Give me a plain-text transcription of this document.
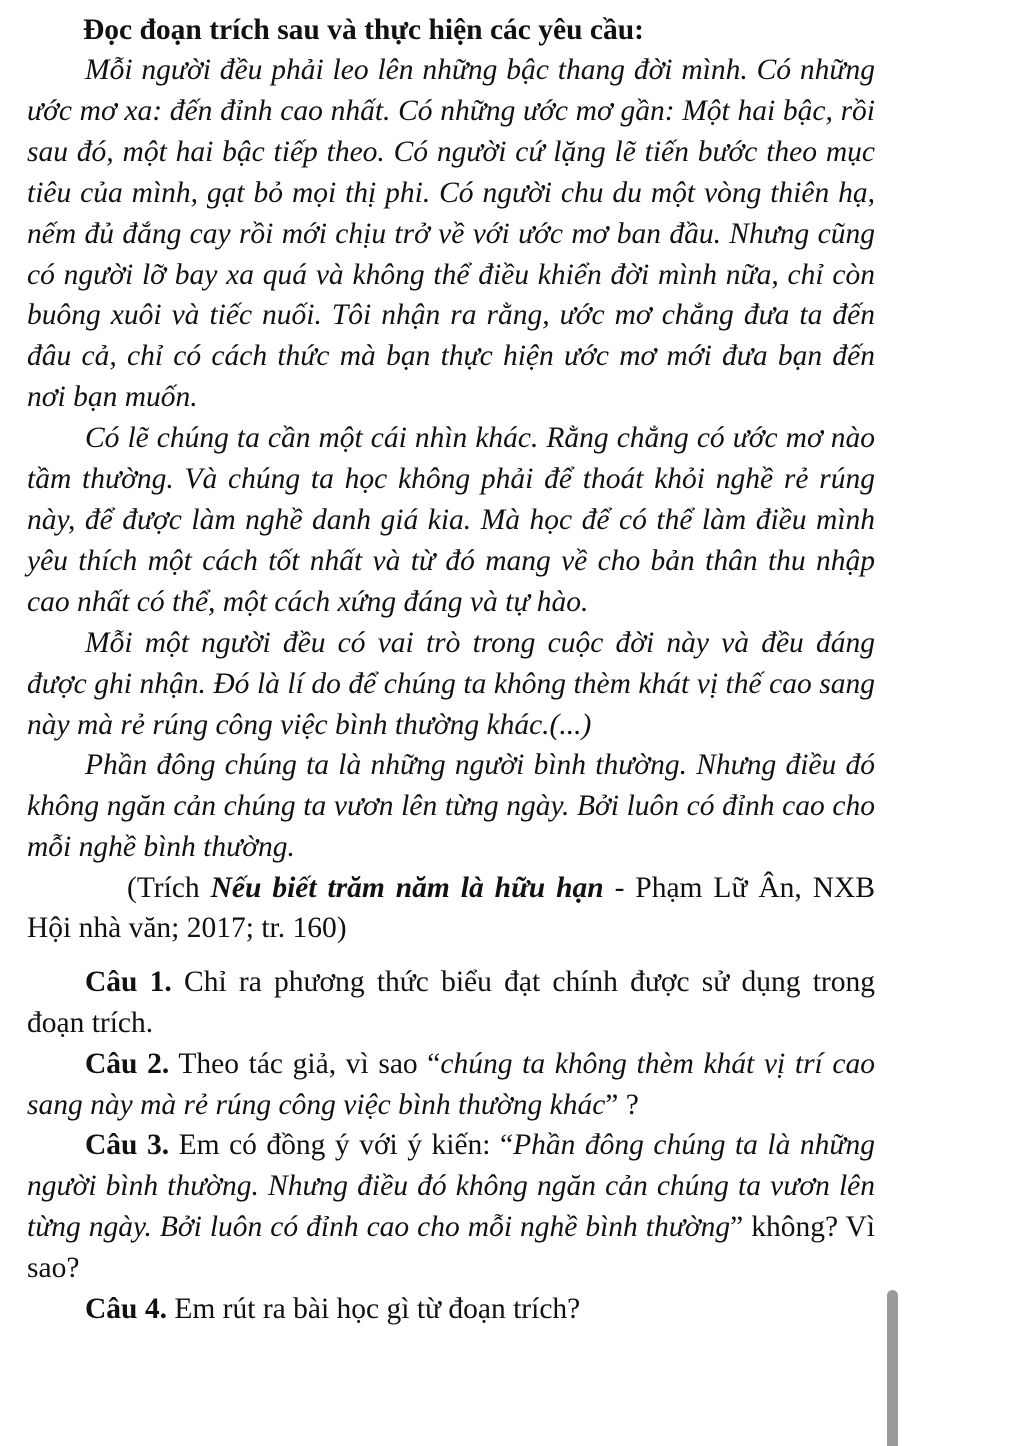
Đọc đoạn trích sau và thực hiện các yêu cầu:

Mỗi người đều phải leo lên những bậc thang đời mình. Có những ước mơ xa: đến đỉnh cao nhất. Có những ước mơ gần: Một hai bậc, rồi sau đó, một hai bậc tiếp theo. Có người cứ lặng lẽ tiến bước theo mục tiêu của mình, gạt bỏ mọi thị phi. Có người chu du một vòng thiên hạ, nếm đủ đắng cay rồi mới chịu trở về với ước mơ ban đầu. Nhưng cũng có người lỡ bay xa quá và không thể điều khiển đời mình nữa, chỉ còn buông xuôi và tiếc nuối. Tôi nhận ra rằng, ước mơ chẳng đưa ta đến đâu cả, chỉ có cách thức mà bạn thực hiện ước mơ mới đưa bạn đến nơi bạn muốn.

Có lẽ chúng ta cần một cái nhìn khác. Rằng chẳng có ước mơ nào tầm thường. Và chúng ta học không phải để thoát khỏi nghề rẻ rúng này, để được làm nghề danh giá kia. Mà học để có thể làm điều mình yêu thích một cách tốt nhất và từ đó mang về cho bản thân thu nhập cao nhất có thể, một cách xứng đáng và tự hào.

Mỗi một người đều có vai trò trong cuộc đời này và đều đáng được ghi nhận. Đó là lí do để chúng ta không thèm khát vị thế cao sang này mà rẻ rúng công việc bình thường khác.(...)

Phần đông chúng ta là những người bình thường. Nhưng điều đó không ngăn cản chúng ta vươn lên từng ngày. Bởi luôn có đỉnh cao cho mỗi nghề bình thường.

(Trích Nếu biết trăm năm là hữu hạn - Phạm Lữ Ân, NXB Hội nhà văn; 2017; tr. 160)

Câu 1. Chỉ ra phương thức biểu đạt chính được sử dụng trong đoạn trích.

Câu 2. Theo tác giả, vì sao “chúng ta không thèm khát vị trí cao sang này mà rẻ rúng công việc bình thường khác” ?

Câu 3. Em có đồng ý với ý kiến: “Phần đông chúng ta là những người bình thường. Nhưng điều đó không ngăn cản chúng ta vươn lên từng ngày. Bởi luôn có đỉnh cao cho mỗi nghề bình thường” không? Vì sao?

Câu 4. Em rút ra bài học gì từ đoạn trích?
